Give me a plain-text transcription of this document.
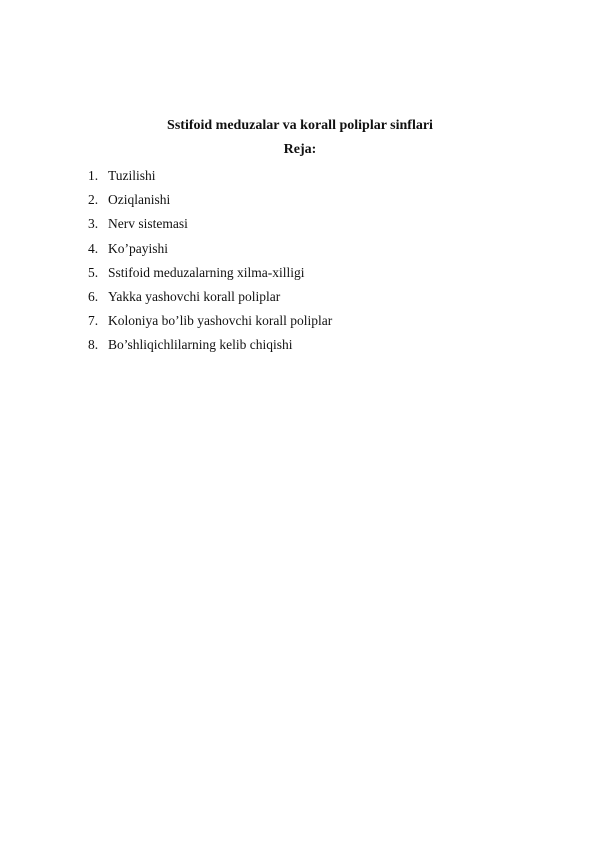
Sstifoid meduzalar va korall poliplar sinflari
Reja:
1. Tuzilishi
2. Oziqlanishi
3. Nerv sistemasi
4. Ko’payishi
5. Sstifoid meduzalarning xilma-xilligi
6. Yakka yashovchi korall poliplar
7. Koloniya bo’lib yashovchi korall poliplar
8. Bo’shliqichlilarning kelib chiqishi
